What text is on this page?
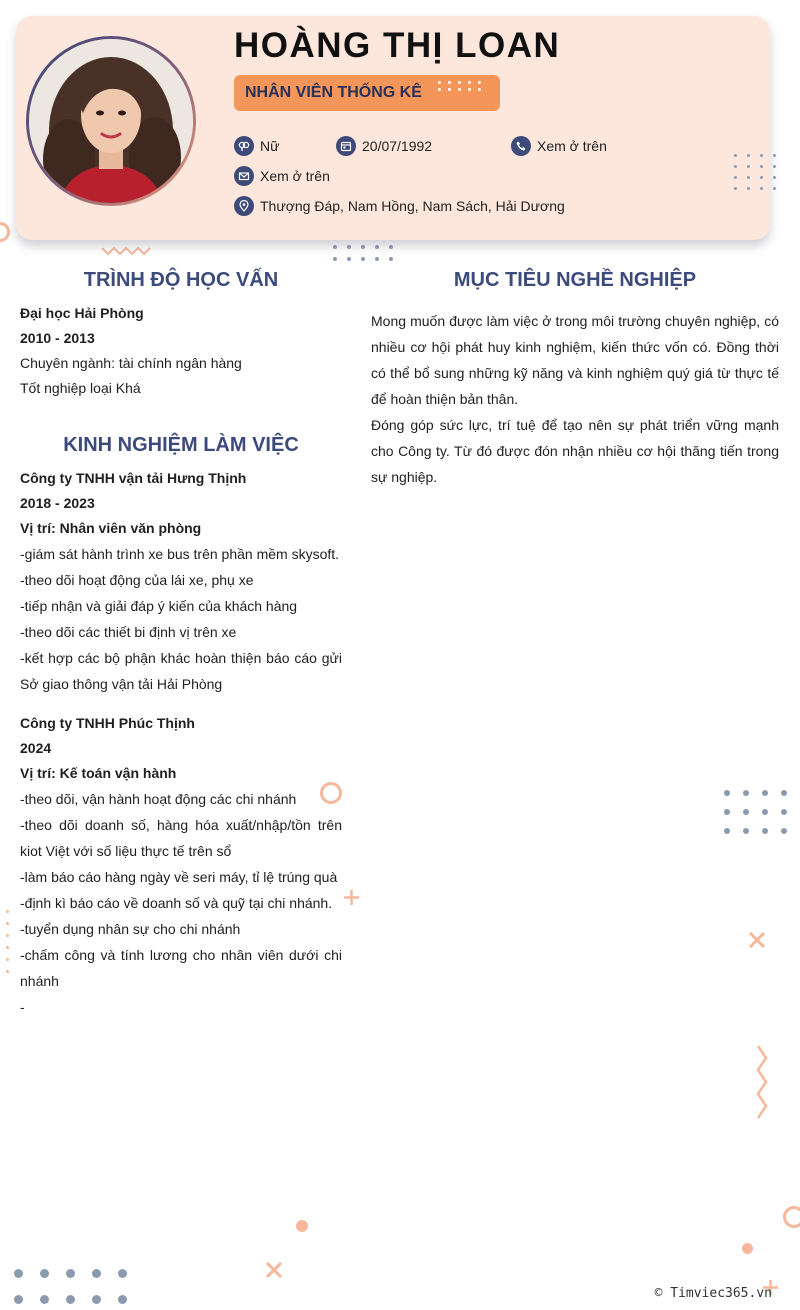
HOÀNG THỊ LOAN
NHÂN VIÊN THỐNG KÊ
Nữ	20/07/1992	Xem ở trên
Xem ở trên
Thượng Đáp, Nam Hồng, Nam Sách, Hải Dương
TRÌNH ĐỘ HỌC VẤN
Đại học Hải Phòng
2010 - 2013
Chuyên ngành: tài chính ngân hàng
Tốt nghiệp loại Khá
KINH NGHIỆM LÀM VIỆC
Công ty TNHH vận tải Hưng Thịnh
2018 - 2023
Vị trí: Nhân viên văn phòng
-giám sát hành trình xe bus trên phần mềm skysoft.
-theo dõi hoạt động của lái xe, phụ xe
-tiếp nhận và giải đáp ý kiến của khách hàng
-theo dõi các thiết bi định vị trên xe
-kết hợp các bộ phận khác hoàn thiện báo cáo gửi Sở giao thông vận tải Hải Phòng
Công ty TNHH Phúc Thịnh
2024
Vị trí: Kế toán vận hành
-theo dõi, vận hành hoạt động các chi nhánh
-theo dõi doanh số, hàng hóa xuất/nhập/tồn trên kiot Việt với số liệu thực tế trên sổ
-làm báo cáo hàng ngày về seri máy, tỉ lệ trúng quà
-định kì báo cáo về doanh số và quỹ tại chi nhánh.
-tuyển dụng nhân sự cho chi nhánh
-chấm công và tính lương cho nhân viên dưới chi nhánh
-
MỤC TIÊU NGHỀ NGHIỆP
Mong muốn được làm việc ở trong môi trường chuyên nghiệp, có nhiều cơ hội phát huy kinh nghiệm, kiến thức vốn có. Đồng thời có thể bổ sung những kỹ năng và kinh nghiệm quý giá từ thực tế để hoàn thiện bản thân.
Đóng góp sức lực, trí tuệ để tạo nên sự phát triển vững mạnh cho Công ty. Từ đó được đón nhận nhiều cơ hội thăng tiến trong sự nghiệp.
© Timviec365.vn
